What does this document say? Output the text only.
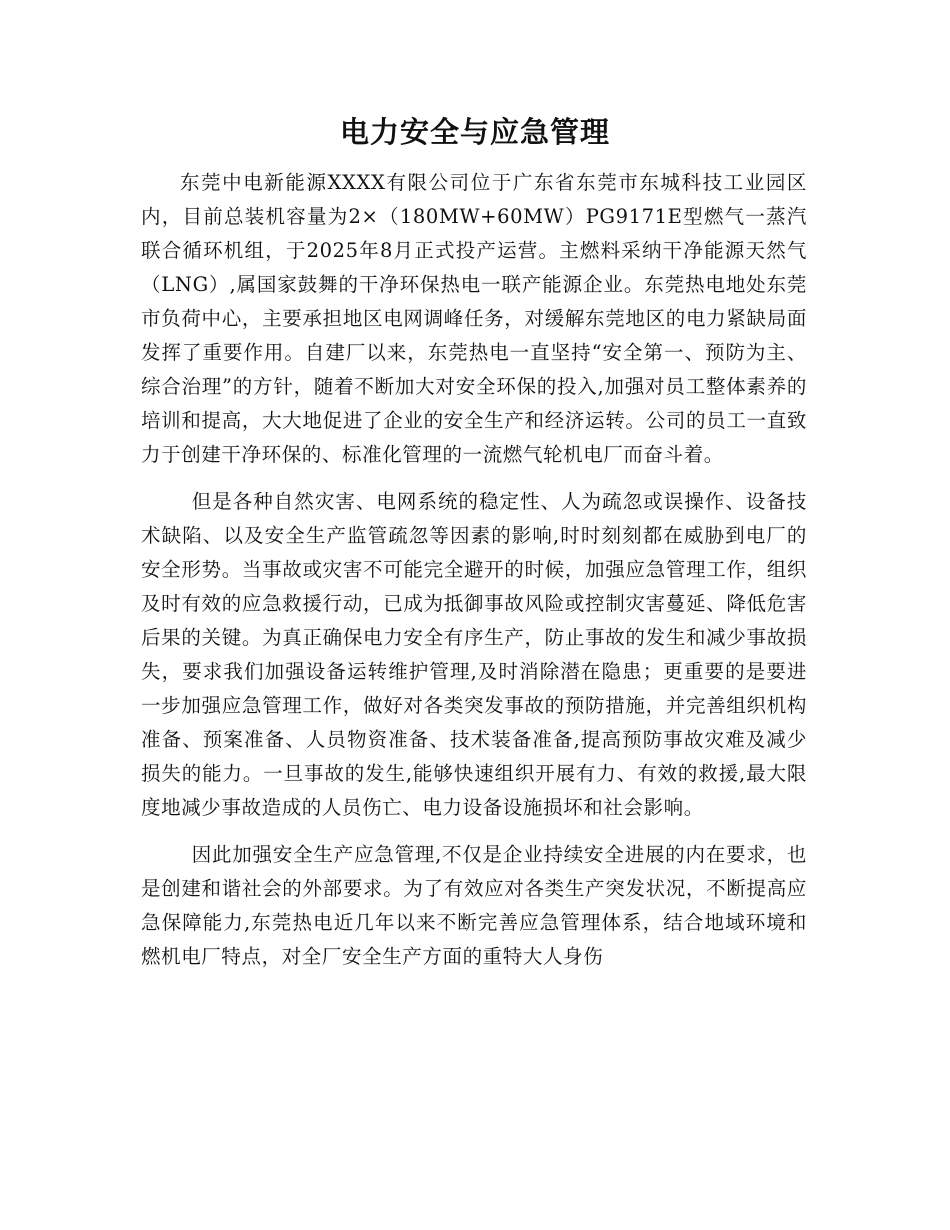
电力安全与应急管理

东莞中电新能源XXXX有限公司位于广东省东莞市东城科技工业园区内，目前总装机容量为2×（180MW+60MW）PG9171E型燃气一蒸汽联合循环机组，于2025年8月正式投产运营。主燃料采纳干净能源天然气（LNG）,属国家鼓舞的干净环保热电一联产能源企业。东莞热电地处东莞市负荷中心，主要承担地区电网调峰任务，对缓解东莞地区的电力紧缺局面发挥了重要作用。自建厂以来，东莞热电一直坚持“安全第一、预防为主、综合治理”的方针，随着不断加大对安全环保的投入,加强对员工整体素养的培训和提高，大大地促进了企业的安全生产和经济运转。公司的员工一直致力于创建干净环保的、标准化管理的一流燃气轮机电厂而奋斗着。

但是各种自然灾害、电网系统的稳定性、人为疏忽或误操作、设备技术缺陷、以及安全生产监管疏忽等因素的影响,时时刻刻都在威胁到电厂的安全形势。当事故或灾害不可能完全避开的时候，加强应急管理工作，组织及时有效的应急救援行动，已成为抵御事故风险或控制灾害蔓延、降低危害后果的关键。为真正确保电力安全有序生产，防止事故的发生和减少事故损失，要求我们加强设备运转维护管理,及时消除潜在隐患；更重要的是要进一步加强应急管理工作，做好对各类突发事故的预防措施，并完善组织机构准备、预案准备、人员物资准备、技术装备准备,提高预防事故灾难及减少损失的能力。一旦事故的发生,能够快速组织开展有力、有效的救援,最大限度地减少事故造成的人员伤亡、电力设备设施损坏和社会影响。

因此加强安全生产应急管理,不仅是企业持续安全进展的内在要求，也是创建和谐社会的外部要求。为了有效应对各类生产突发状况，不断提高应急保障能力,东莞热电近几年以来不断完善应急管理体系，结合地域环境和燃机电厂特点，对全厂安全生产方面的重特大人身伤
